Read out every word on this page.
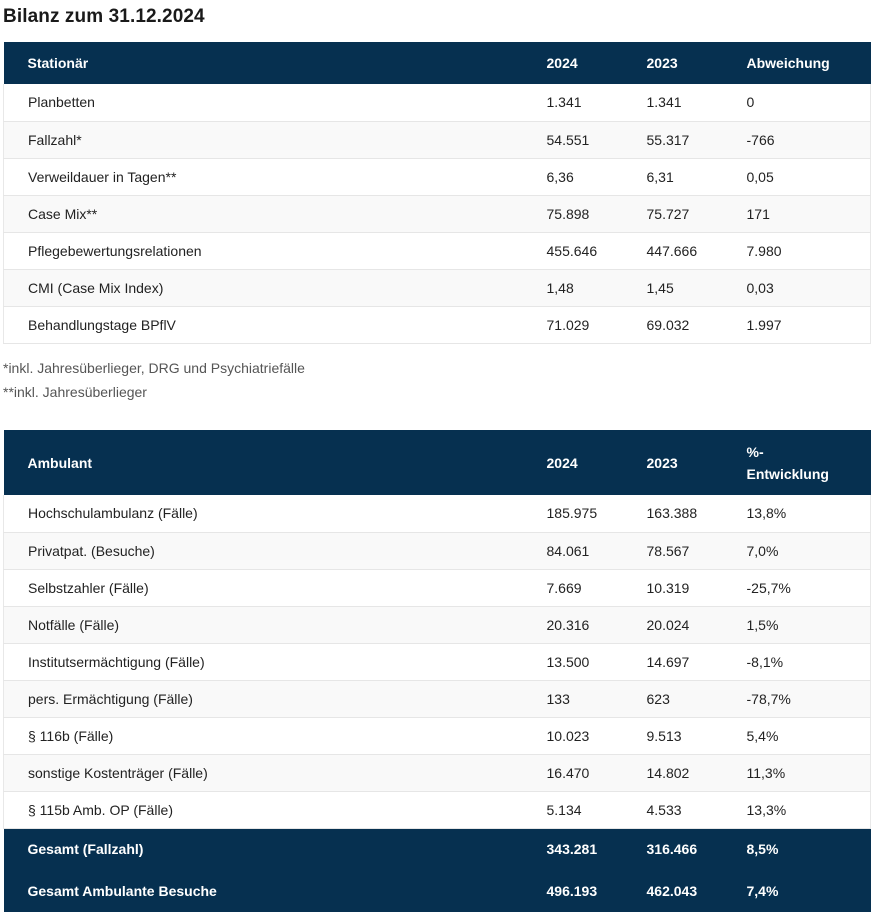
Bilanz zum 31.12.2024
Stationär	2024	2023	Abweichung
Planbetten	1.341	1.341	0
Fallzahl*	54.551	55.317	-766
Verweildauer in Tagen**	6,36	6,31	0,05
Case Mix**	75.898	75.727	171
Pflegebewertungsrelationen	455.646	447.666	7.980
CMI (Case Mix Index)	1,48	1,45	0,03
Behandlungstage BPflV	71.029	69.032	1.997
*inkl. Jahresüberlieger, DRG und Psychiatriefälle
**inkl. Jahresüberlieger
Ambulant	2024	2023	%-
Entwicklung

Hochschulambulanz (Fälle)	185.975	163.388	13,8%
Privatpat. (Besuche)	84.061	78.567	7,0%
Selbstzahler (Fälle)	7.669	10.319	-25,7%
Notfälle (Fälle)	20.316	20.024	1,5%
Institutsermächtigung (Fälle)	13.500	14.697	-8,1%
pers. Ermächtigung (Fälle)	133	623	-78,7%
§ 116b (Fälle)	10.023	9.513	5,4%
sonstige Kostenträger (Fälle)	16.470	14.802	11,3%
§ 115b Amb. OP (Fälle)	5.134	4.533	13,3%
Gesamt (Fallzahl)	343.281	316.466	8,5%
Gesamt Ambulante Besuche	496.193	462.043	7,4%
